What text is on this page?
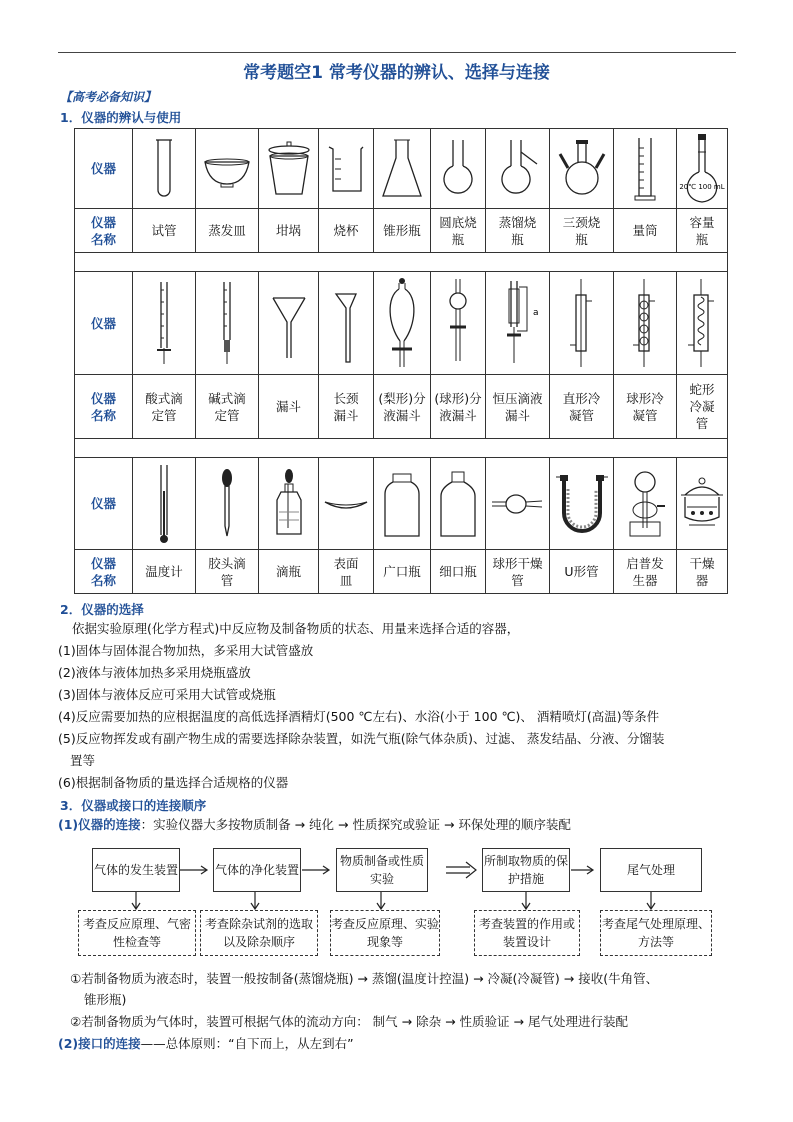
常考题空1 常考仪器的辨认、选择与连接
【高考必备知识】
1．仪器的辨认与使用
仪器										20℃ 100 mL

仪器
名称	试管	蒸发皿	坩埚	烧杯	锥形瓶	圆底烧瓶	蒸馏烧瓶	三颈烧瓶	量筒	容量瓶

仪器							a

仪器
名称	酸式滴定管	碱式滴定管	漏斗	长颈漏斗	(梨形)分液漏斗	(球形)分液漏斗	恒压滴液漏斗	直形冷凝管	球形冷凝管	蛇形冷凝管

仪器	

仪器
名称	温度计	胶头滴管	滴瓶	表面皿	广口瓶	细口瓶	球形干燥管	U形管	启普发生器	干燥器
2．仪器的选择
依据实验原理(化学方程式)中反应物及制备物质的状态、用量来选择合适的容器，
(1)固体与固体混合物加热，多采用大试管盛放
(2)液体与液体加热多采用烧瓶盛放
(3)固体与液体反应可采用大试管或烧瓶
(4)反应需要加热的应根据温度的高低选择酒精灯(500 ℃左右)、水浴(小于 100 ℃)、 酒精喷灯(高温)等条件
(5)反应物挥发或有副产物生成的需要选择除杂装置，如洗气瓶(除气体杂质)、过滤、 蒸发结晶、分液、分馏装
置等
(6)根据制备物质的量选择合适规格的仪器
3．仪器或接口的连接顺序
(1)仪器的连接：实验仪器大多按物质制备 → 纯化 → 性质探究或验证 → 环保处理的顺序装配
气体的发生装置	气体的净化装置
物质制备或性质实验
所制取物质的保护措施
尾气处理
考查反应原理、气密性检查等
考查除杂试剂的选取以及除杂顺序
考查反应原理、实验现象等
考查装置的作用或装置设计
考查尾气处理原理、方法等
①若制备物质为液态时，装置一般按制备(蒸馏烧瓶) → 蒸馏(温度计控温) → 冷凝(冷凝管) → 接收(牛角管、
锥形瓶)
②若制备物质为气体时，装置可根据气体的流动方向： 制气 → 除杂 → 性质验证 → 尾气处理进行装配
(2)接口的连接——总体原则：“自下而上，从左到右”
